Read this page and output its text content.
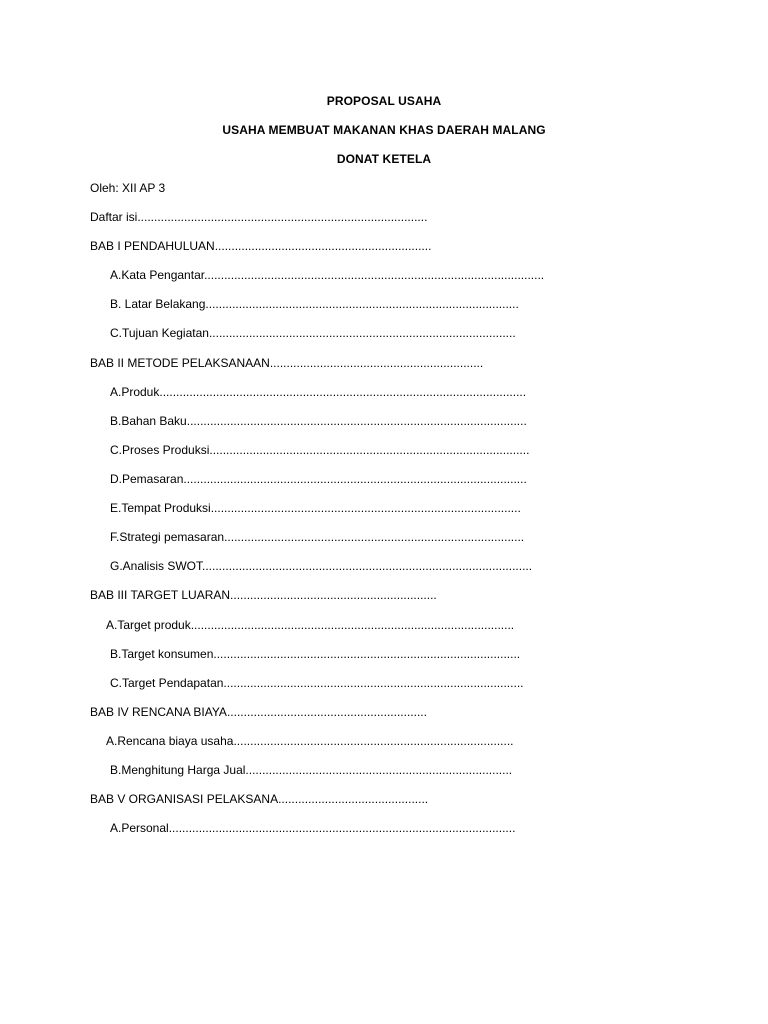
PROPOSAL USAHA
USAHA MEMBUAT MAKANAN KHAS DAERAH MALANG
DONAT KETELA
Oleh: XII AP 3
Daftar isi.......................................................................................
BAB I PENDAHULUAN.................................................................
A.Kata Pengantar......................................................................................................
B. Latar Belakang..............................................................................................
C.Tujuan Kegiatan............................................................................................
BAB II METODE PELAKSANAAN................................................................
A.Produk..............................................................................................................
B.Bahan Baku......................................................................................................
C.Proses Produksi................................................................................................
D.Pemasaran.......................................................................................................
E.Tempat Produksi.............................................................................................
F.Strategi pemasaran..........................................................................................
G.Analisis SWOT...................................................................................................
BAB III TARGET LUARAN..............................................................
A.Target produk.................................................................................................
B.Target konsumen............................................................................................
C.Target Pendapatan..........................................................................................
BAB IV RENCANA BIAYA............................................................
A.Rencana biaya usaha....................................................................................
B.Menghitung Harga Jual................................................................................
BAB V ORGANISASI PELAKSANA.............................................
A.Personal........................................................................................................
